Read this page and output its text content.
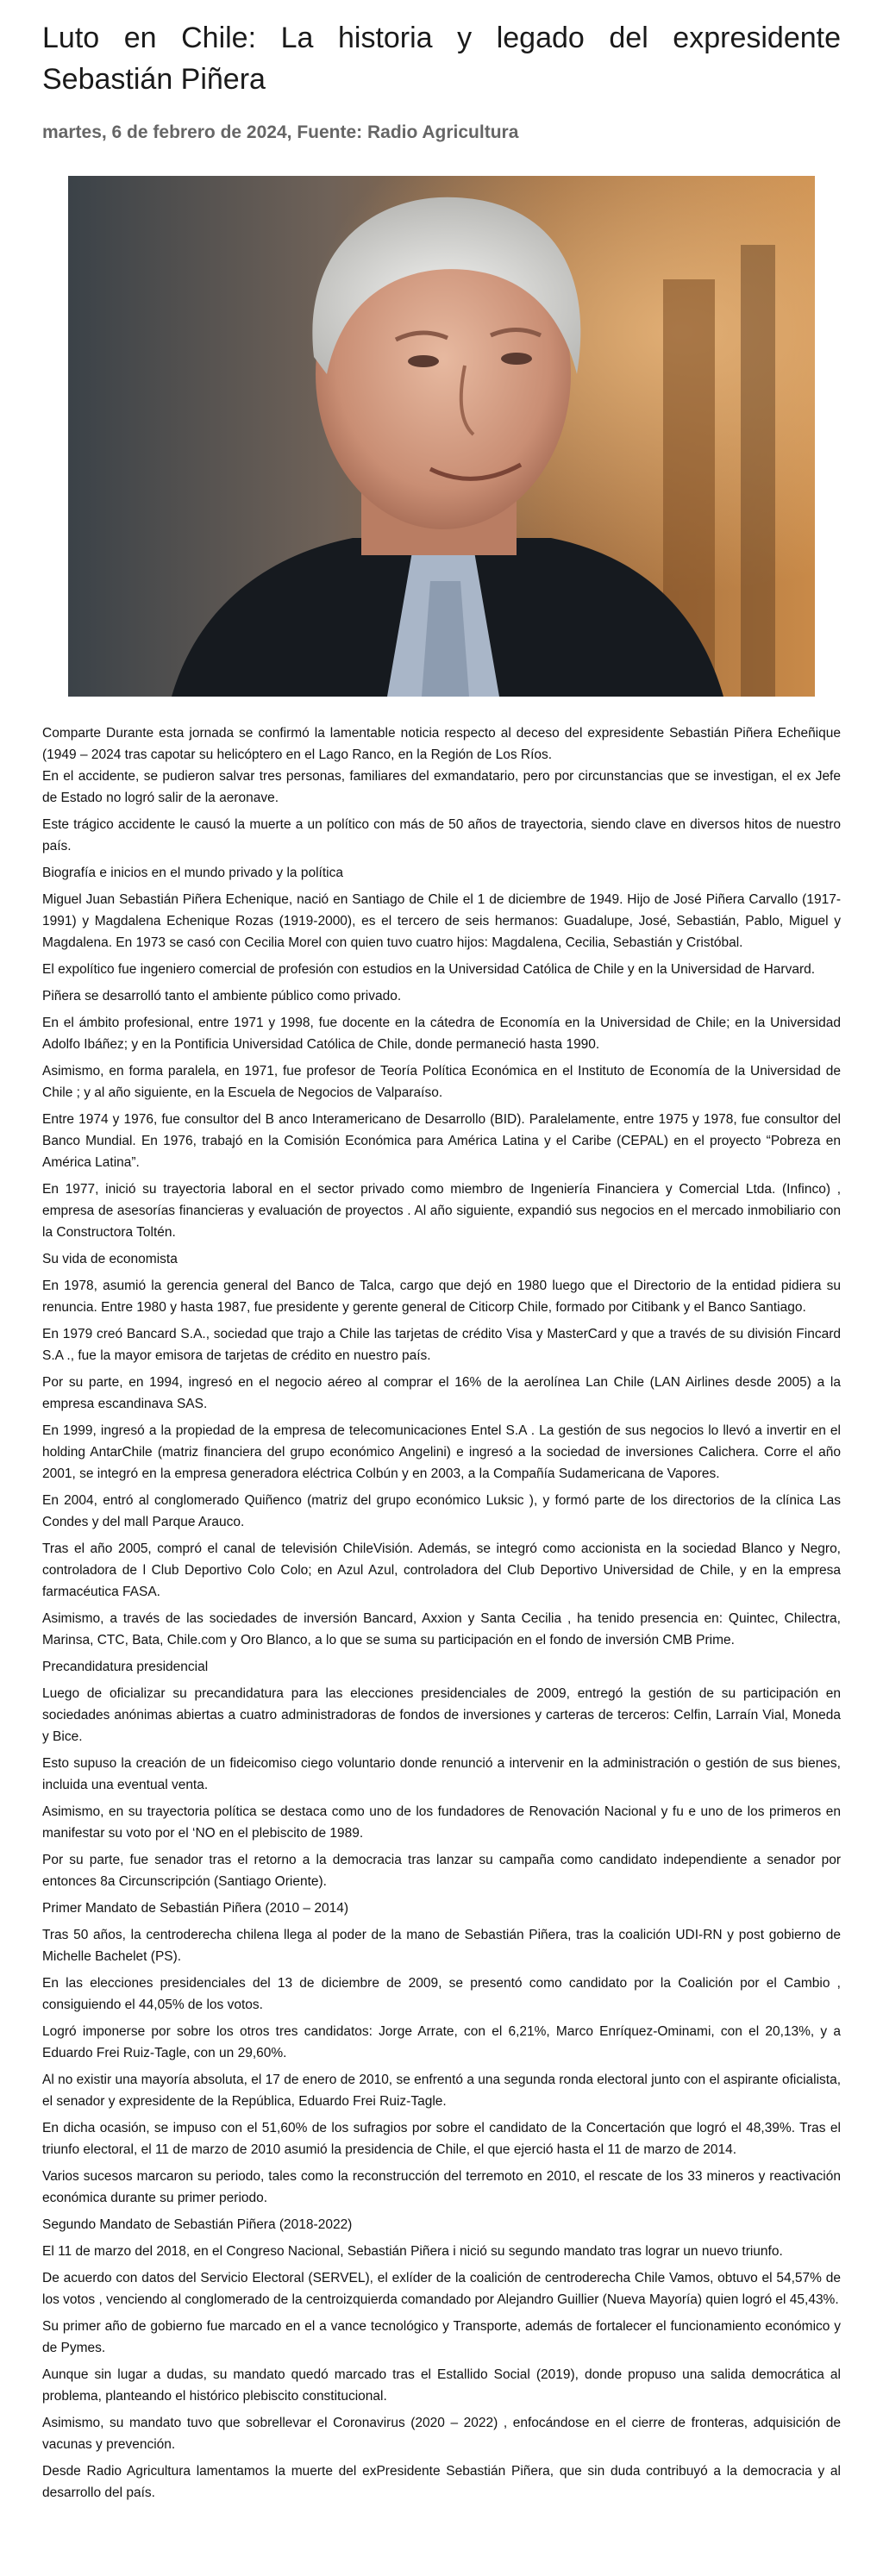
Luto en Chile: La historia y legado del expresidente Sebastián Piñera
martes, 6 de febrero de 2024, Fuente: Radio Agricultura

Comparte Durante esta jornada se confirmó la lamentable noticia respecto al deceso del expresidente Sebastián Piñera Echeñique (1949 – 2024 tras capotar su helicóptero en el Lago Ranco, en la Región de Los Ríos.
En el accidente, se pudieron salvar tres personas, familiares del exmandatario, pero por circunstancias que se investigan, el ex Jefe de Estado no logró salir de la aeronave.

Este trágico accidente le causó la muerte a un político con más de 50 años de trayectoria, siendo clave en diversos hitos de nuestro país.

Biografía e inicios en el mundo privado y la política

Miguel Juan Sebastián Piñera Echenique, nació en Santiago de Chile el 1 de diciembre de 1949. Hijo de José Piñera Carvallo (1917-1991) y Magdalena Echenique Rozas (1919-2000), es el tercero de seis hermanos: Guadalupe, José, Sebastián, Pablo, Miguel y Magdalena. En 1973 se casó con Cecilia Morel con quien tuvo cuatro hijos: Magdalena, Cecilia, Sebastián y Cristóbal.

El expolítico fue ingeniero comercial de profesión con estudios en la Universidad Católica de Chile y en la Universidad de Harvard.

Piñera se desarrolló tanto el ambiente público como privado.

En el ámbito profesional, entre 1971 y 1998, fue docente en la cátedra de Economía en la Universidad de Chile; en la Universidad Adolfo Ibáñez; y en la Pontificia Universidad Católica de Chile, donde permaneció hasta 1990.

Asimismo, en forma paralela, en 1971, fue profesor de Teoría Política Económica en el Instituto de Economía de la Universidad de Chile ; y al año siguiente, en la Escuela de Negocios de Valparaíso.

Entre 1974 y 1976, fue consultor del B anco Interamericano de Desarrollo (BID). Paralelamente, entre 1975 y 1978, fue consultor del Banco Mundial. En 1976, trabajó en la Comisión Económica para América Latina y el Caribe (CEPAL) en el proyecto “Pobreza en América Latina”.

En 1977, inició su trayectoria laboral en el sector privado como miembro de Ingeniería Financiera y Comercial Ltda. (Infinco) , empresa de asesorías financieras y evaluación de proyectos . Al año siguiente, expandió sus negocios en el mercado inmobiliario con la Constructora Toltén.

Su vida de economista

En 1978, asumió la gerencia general del Banco de Talca, cargo que dejó en 1980 luego que el Directorio de la entidad pidiera su renuncia. Entre 1980 y hasta 1987, fue presidente y gerente general de Citicorp Chile, formado por Citibank y el Banco Santiago.

En 1979 creó Bancard S.A., sociedad que trajo a Chile las tarjetas de crédito Visa y MasterCard y que a través de su división Fincard S.A ., fue la mayor emisora de tarjetas de crédito en nuestro país.

Por su parte, en 1994, ingresó en el negocio aéreo al comprar el 16% de la aerolínea Lan Chile (LAN Airlines desde 2005) a la empresa escandinava SAS.

En 1999, ingresó a la propiedad de la empresa de telecomunicaciones Entel S.A . La gestión de sus negocios lo llevó a invertir en el holding AntarChile (matriz financiera del grupo económico Angelini) e ingresó a la sociedad de inversiones Calichera. Corre el año 2001, se integró en la empresa generadora eléctrica Colbún y en 2003, a la Compañía Sudamericana de Vapores.

En 2004, entró al conglomerado Quiñenco (matriz del grupo económico Luksic ), y formó parte de los directorios de la clínica Las Condes y del mall Parque Arauco.

Tras el año 2005, compró el canal de televisión ChileVisión. Además, se integró como accionista en la sociedad Blanco y Negro, controladora de l Club Deportivo Colo Colo; en Azul Azul, controladora del Club Deportivo Universidad de Chile, y en la empresa farmacéutica FASA.

Asimismo, a través de las sociedades de inversión Bancard, Axxion y Santa Cecilia , ha tenido presencia en: Quintec, Chilectra, Marinsa, CTC, Bata, Chile.com y Oro Blanco, a lo que se suma su participación en el fondo de inversión CMB Prime.

Precandidatura presidencial

Luego de oficializar su precandidatura para las elecciones presidenciales de 2009, entregó la gestión de su participación en sociedades anónimas abiertas a cuatro administradoras de fondos de inversiones y carteras de terceros: Celfin, Larraín Vial, Moneda y Bice.

Esto supuso la creación de un fideicomiso ciego voluntario donde renunció a intervenir en la administración o gestión de sus bienes, incluida una eventual venta.

Asimismo, en su trayectoria política se destaca como uno de los fundadores de Renovación Nacional y fu e uno de los primeros en manifestar su voto por el ‘NO en el plebiscito de 1989.

Por su parte, fue senador tras el retorno a la democracia tras lanzar su campaña como candidato independiente a senador por entonces 8a Circunscripción (Santiago Oriente).

Primer Mandato de Sebastián Piñera (2010 – 2014)

Tras 50 años, la centroderecha chilena llega al poder de la mano de Sebastián Piñera, tras la coalición UDI-RN y post gobierno de Michelle Bachelet (PS).

En las elecciones presidenciales del 13 de diciembre de 2009, se presentó como candidato por la Coalición por el Cambio , consiguiendo el 44,05% de los votos.

Logró imponerse por sobre los otros tres candidatos: Jorge Arrate, con el 6,21%, Marco Enríquez-Ominami, con el 20,13%, y a Eduardo Frei Ruiz-Tagle, con un 29,60%.

Al no existir una mayoría absoluta, el 17 de enero de 2010, se enfrentó a una segunda ronda electoral junto con el aspirante oficialista, el senador y expresidente de la República, Eduardo Frei Ruiz-Tagle.

En dicha ocasión, se impuso con el 51,60% de los sufragios por sobre el candidato de la Concertación que logró el 48,39%. Tras el triunfo electoral, el 11 de marzo de 2010 asumió la presidencia de Chile, el que ejerció hasta el 11 de marzo de 2014.

Varios sucesos marcaron su periodo, tales como la reconstrucción del terremoto en 2010, el rescate de los 33 mineros y reactivación económica durante su primer periodo.

Segundo Mandato de Sebastián Piñera (2018-2022)

El 11 de marzo del 2018, en el Congreso Nacional, Sebastián Piñera i nició su segundo mandato tras lograr un nuevo triunfo.

De acuerdo con datos del Servicio Electoral (SERVEL), el exlíder de la coalición de centroderecha Chile Vamos, obtuvo el 54,57% de los votos , venciendo al conglomerado de la centroizquierda comandado por Alejandro Guillier (Nueva Mayoría) quien logró el 45,43%.

Su primer año de gobierno fue marcado en el a vance tecnológico y Transporte, además de fortalecer el funcionamiento económico y de Pymes.

Aunque sin lugar a dudas, su mandato quedó marcado tras el Estallido Social (2019), donde propuso una salida democrática al problema, planteando el histórico plebiscito constitucional.

Asimismo, su mandato tuvo que sobrellevar el Coronavirus (2020 – 2022) , enfocándose en el cierre de fronteras, adquisición de vacunas y prevención.

Desde Radio Agricultura lamentamos la muerte del exPresidente Sebastián Piñera, que sin duda contribuyó a la democracia y al desarrollo del país.
